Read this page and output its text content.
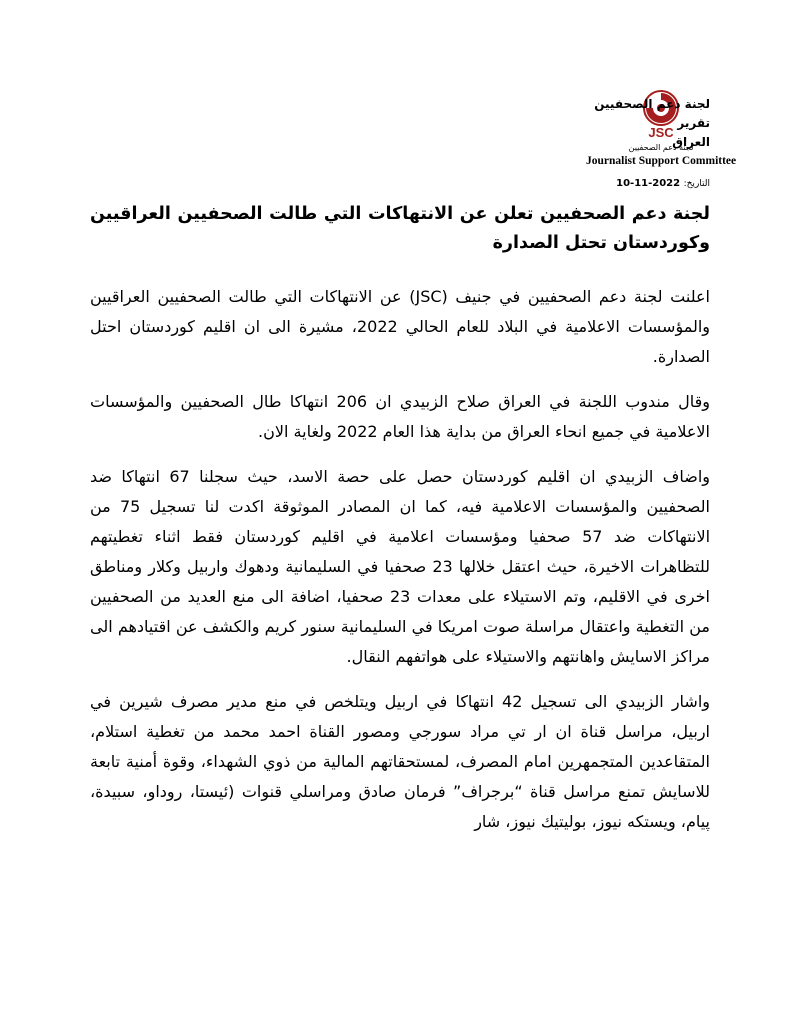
JSC
لجنة دعم الصحفيين
Journalist Support Committee
لجنة دعم الصحفيين
تقرير
العراق
التاريخ: 2022-11-10
لجنة دعم الصحفيين تعلن عن الانتهاكات التي طالت الصحفيين العراقيين وكوردستان تحتل الصدارة

اعلنت لجنة دعم الصحفيين في جنيف (JSC) عن الانتهاكات التي طالت الصحفيين العراقيين والمؤسسات الاعلامية في البلاد للعام الحالي 2022، مشيرة الى ان اقليم كوردستان احتل الصدارة.

وقال مندوب اللجنة في العراق صلاح الزبيدي ان 206 انتهاكا طال الصحفيين والمؤسسات الاعلامية في جميع انحاء العراق من بداية هذا العام 2022 ولغاية الان.

واضاف الزبيدي ان اقليم كوردستان حصل على حصة الاسد، حيث سجلنا 67 انتهاكا ضد الصحفيين والمؤسسات الاعلامية فيه، كما ان المصادر الموثوقة اكدت لنا تسجيل 75 من الانتهاكات ضد 57 صحفيا ومؤسسات اعلامية في اقليم كوردستان فقط اثناء تغطيتهم للتظاهرات الاخيرة، حيث اعتقل خلالها 23 صحفيا في السليمانية ودهوك واربيل وكلار ومناطق اخرى في الاقليم، وتم الاستيلاء على معدات 23 صحفيا، اضافة الى منع العديد من الصحفيين من التغطية واعتقال مراسلة صوت امريكا في السليمانية سنور كريم والكشف عن اقتيادهم الى مراكز الاسايش واهانتهم والاستيلاء على هواتفهم النقال.

واشار الزبيدي الى تسجيل 42 انتهاكا في اربيل ويتلخص في منع مدير مصرف شيرين في اربيل، مراسل قناة ان ار تي مراد سورجي ومصور القناة احمد محمد من تغطية استلام، المتقاعدين المتجمهرين امام المصرف، لمستحقاتهم المالية من ذوي الشهداء، وقوة أمنية تابعة للاسايش تمنع مراسل قناة “برجراف” فرمان صادق ومراسلي قنوات (ئيستا، روداو، سبيدة، پيام، ويستكه نيوز، بوليتيك نيوز، شار
